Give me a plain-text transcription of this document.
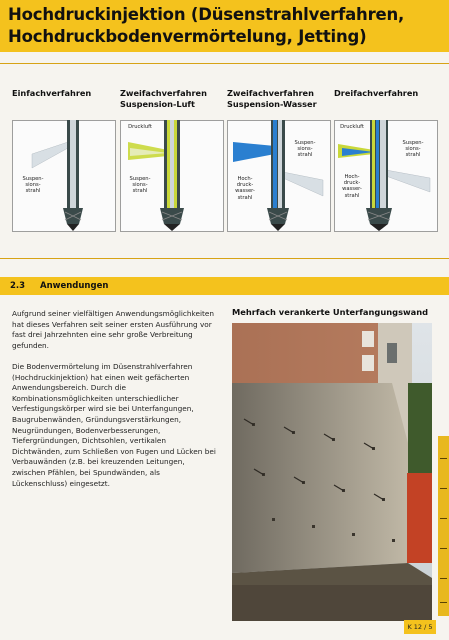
Hochdruckinjektion (Düsenstrahlverfahren,
Hochdruckbodenvermörtelung, Jetting)
Einfachverfahren	Zweifachverfahren
Suspension-Luft
Zweifachverfahren
Suspension-Wasser
Dreifachverfahren
Suspen-
sions-
strahl
Druckluft
Suspen-
sions-
strahl
Suspen-
sions-
strahl
Hoch-
druck-
wasser-
strahl
Druckluft
Suspen-
sions-
strahl
Hoch-
druck-
wasser-
strahl
2.3 Anwendungen
Aufgrund seiner vielfältigen Anwendungsmöglichkeiten hat dieses Verfahren seit seiner ersten Ausführung vor fast drei Jahrzehnten eine sehr große Verbreitung gefunden.
Die Bodenvermörtelung im Düsenstrahlverfahren (Hochdruckinjektion) hat einen weit gefächerten Anwendungsbereich. Durch die Kombinationsmöglichkeiten unterschiedlicher Verfestigungskörper wird sie bei Unterfangungen, Baugrubenwänden, Gründungsverstärkungen, Neugründungen, Bodenverbesserungen, Tiefergründungen, Dichtsohlen, vertikalen Dichtwänden, zum Schließen von Fugen und Lücken bei Verbauwänden (z.B. bei kreuzenden Leitungen, zwischen Pfählen, bei Spundwänden, als Lückenschluss) eingesetzt.
Mehrfach verankerte Unterfangungswand
K 12 / 5
